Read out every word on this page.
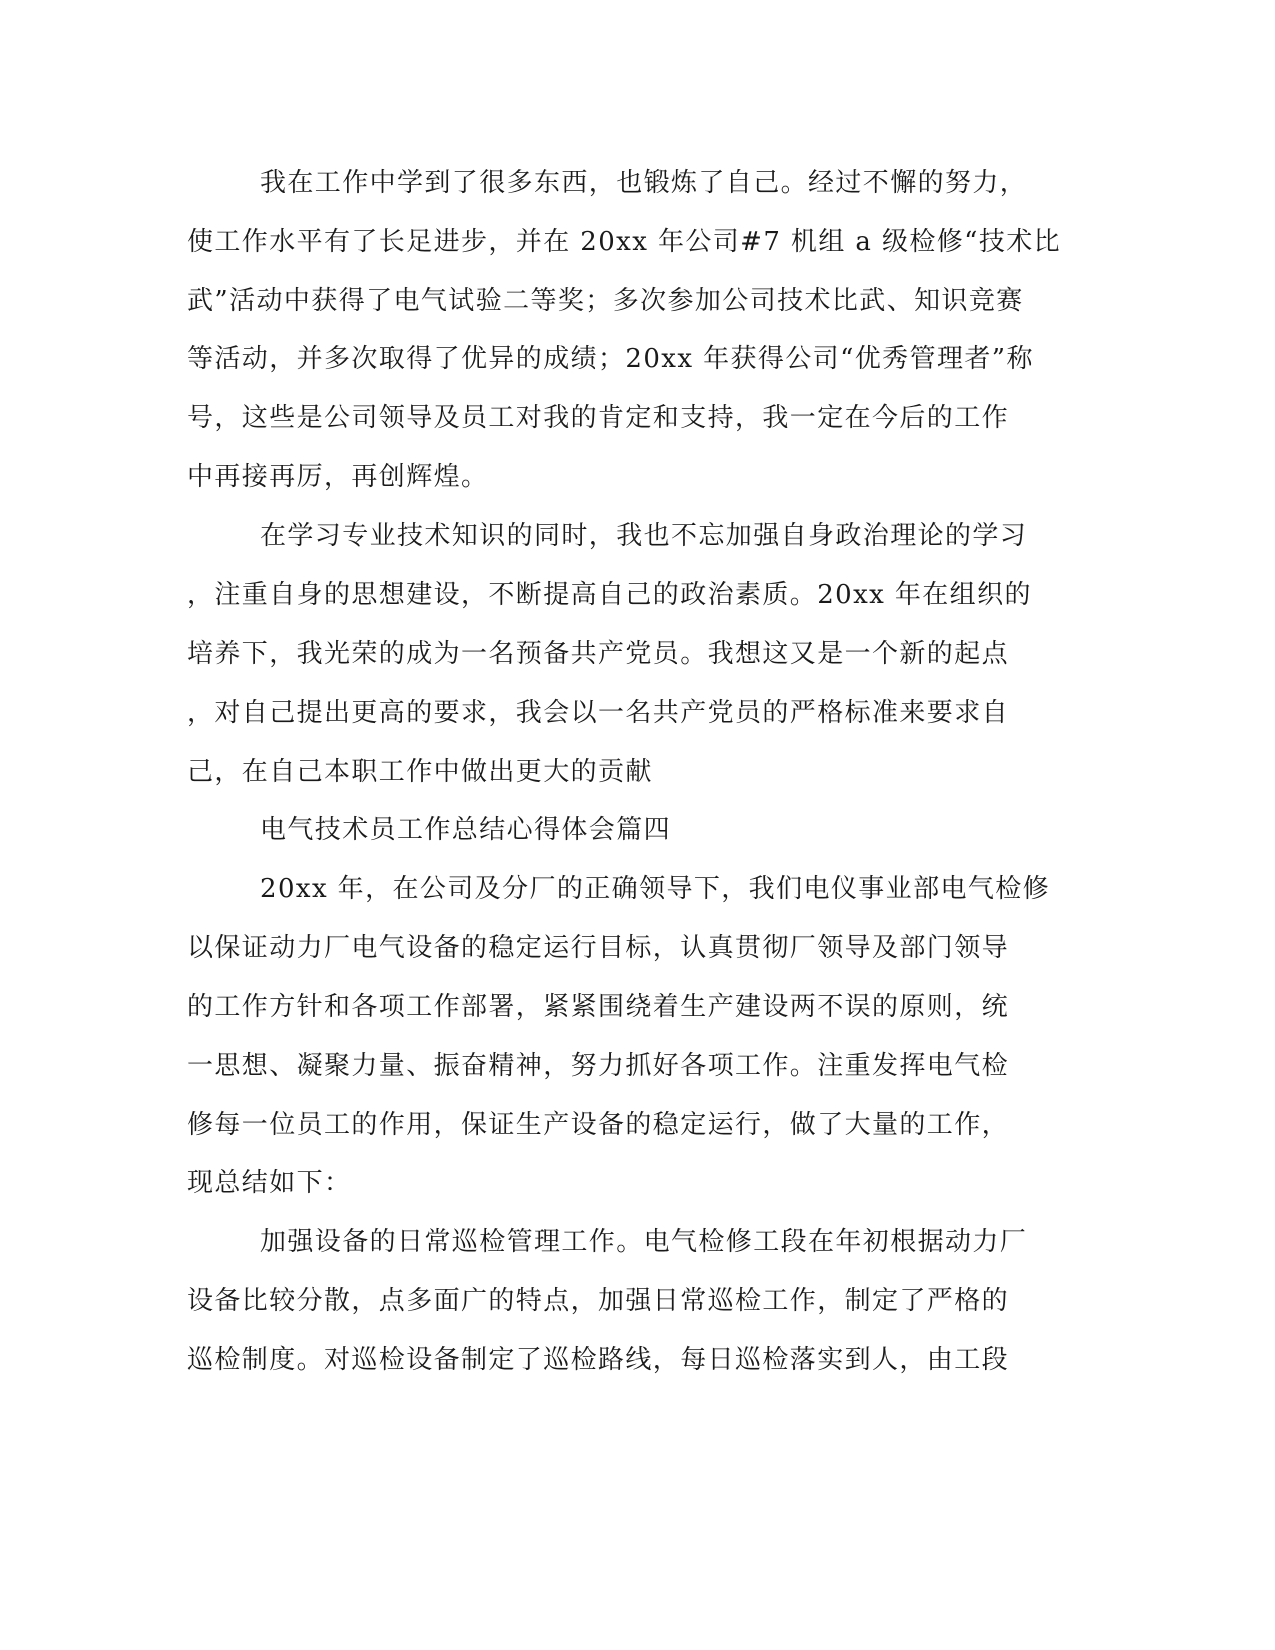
我在工作中学到了很多东西，也锻炼了自己。经过不懈的努力，
使工作水平有了长足进步，并在 20xx 年公司#7 机组 a 级检修“技术比
武”活动中获得了电气试验二等奖；多次参加公司技术比武、知识竞赛
等活动，并多次取得了优异的成绩；20xx 年获得公司“优秀管理者”称
号，这些是公司领导及员工对我的肯定和支持，我一定在今后的工作
中再接再厉，再创辉煌。
在学习专业技术知识的同时，我也不忘加强自身政治理论的学习
，注重自身的思想建设，不断提高自己的政治素质。20xx 年在组织的
培养下，我光荣的成为一名预备共产党员。我想这又是一个新的起点
，对自己提出更高的要求，我会以一名共产党员的严格标准来要求自
己，在自己本职工作中做出更大的贡献
电气技术员工作总结心得体会篇四
20xx 年，在公司及分厂的正确领导下，我们电仪事业部电气检修
以保证动力厂电气设备的稳定运行目标，认真贯彻厂领导及部门领导
的工作方针和各项工作部署，紧紧围绕着生产建设两不误的原则，统
一思想、凝聚力量、振奋精神，努力抓好各项工作。注重发挥电气检
修每一位员工的作用，保证生产设备的稳定运行，做了大量的工作，
现总结如下：
加强设备的日常巡检管理工作。电气检修工段在年初根据动力厂
设备比较分散，点多面广的特点，加强日常巡检工作，制定了严格的
巡检制度。对巡检设备制定了巡检路线，每日巡检落实到人，由工段
